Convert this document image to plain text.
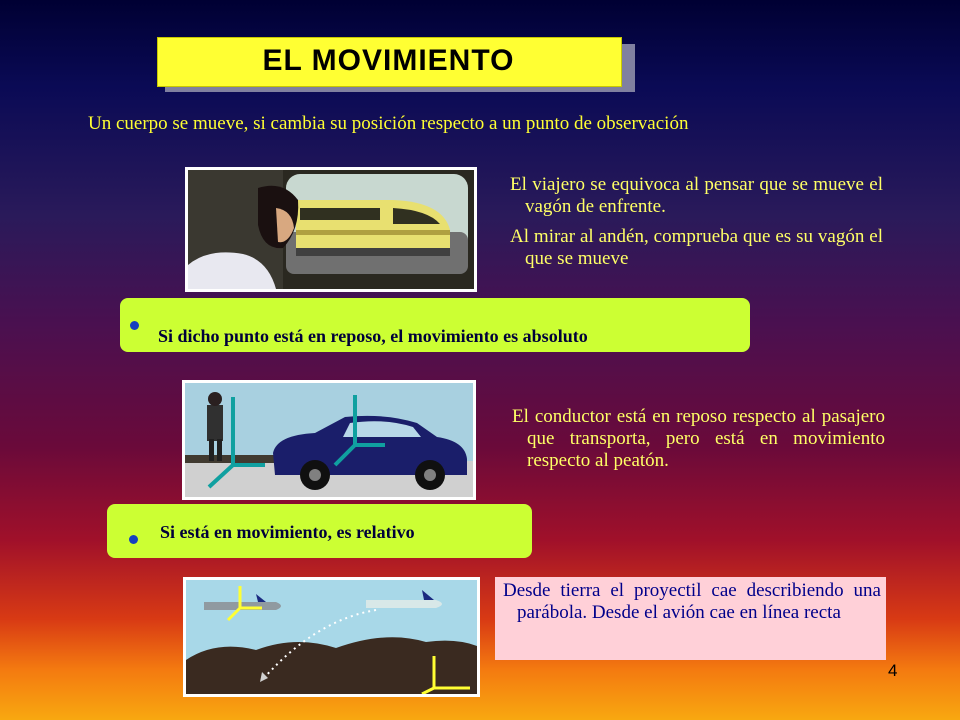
EL MOVIMIENTO
Un cuerpo se mueve, si cambia su posición respecto a un punto de observación

El viajero se equivoca al pensar que se mueve el vagón de enfrente.

Al mirar al andén, comprueba que es su vagón el que se mueve

Si dicho punto está en reposo, el movimiento es absoluto

El conductor está en reposo respecto al pasajero que transporta, pero está en movimiento respecto al peatón.

Si está en movimiento, es relativo

Desde tierra el proyectil cae describiendo una parábola. Desde el avión cae en línea recta

4
